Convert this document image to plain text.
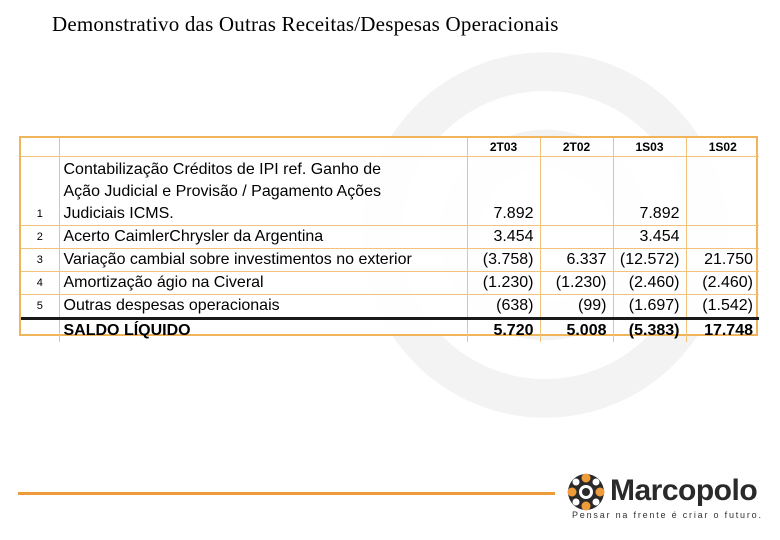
Demonstrativo das Outras Receitas/Despesas Operacionais
		2T03	2T02	1S03	1S02
1	Contabilização Créditos de IPI ref. Ganho de
Ação Judicial e Provisão / Pagamento Ações
Judiciais ICMS.	7.892		7.892	
2	Acerto CaimlerChrysler da Argentina	3.454		3.454	
3	Variação cambial sobre investimentos no exterior	(3.758)	6.337	(12.572)	21.750
4	Amortização ágio na Civeral	(1.230)	(1.230)	(2.460)	(2.460)
5	Outras despesas operacionais	(638)	(99)	(1.697)	(1.542)
	SALDO LÍQUIDO	5.720	5.008	(5.383)	17.748
Marcopolo
Pensar na frente é criar o futuro.
